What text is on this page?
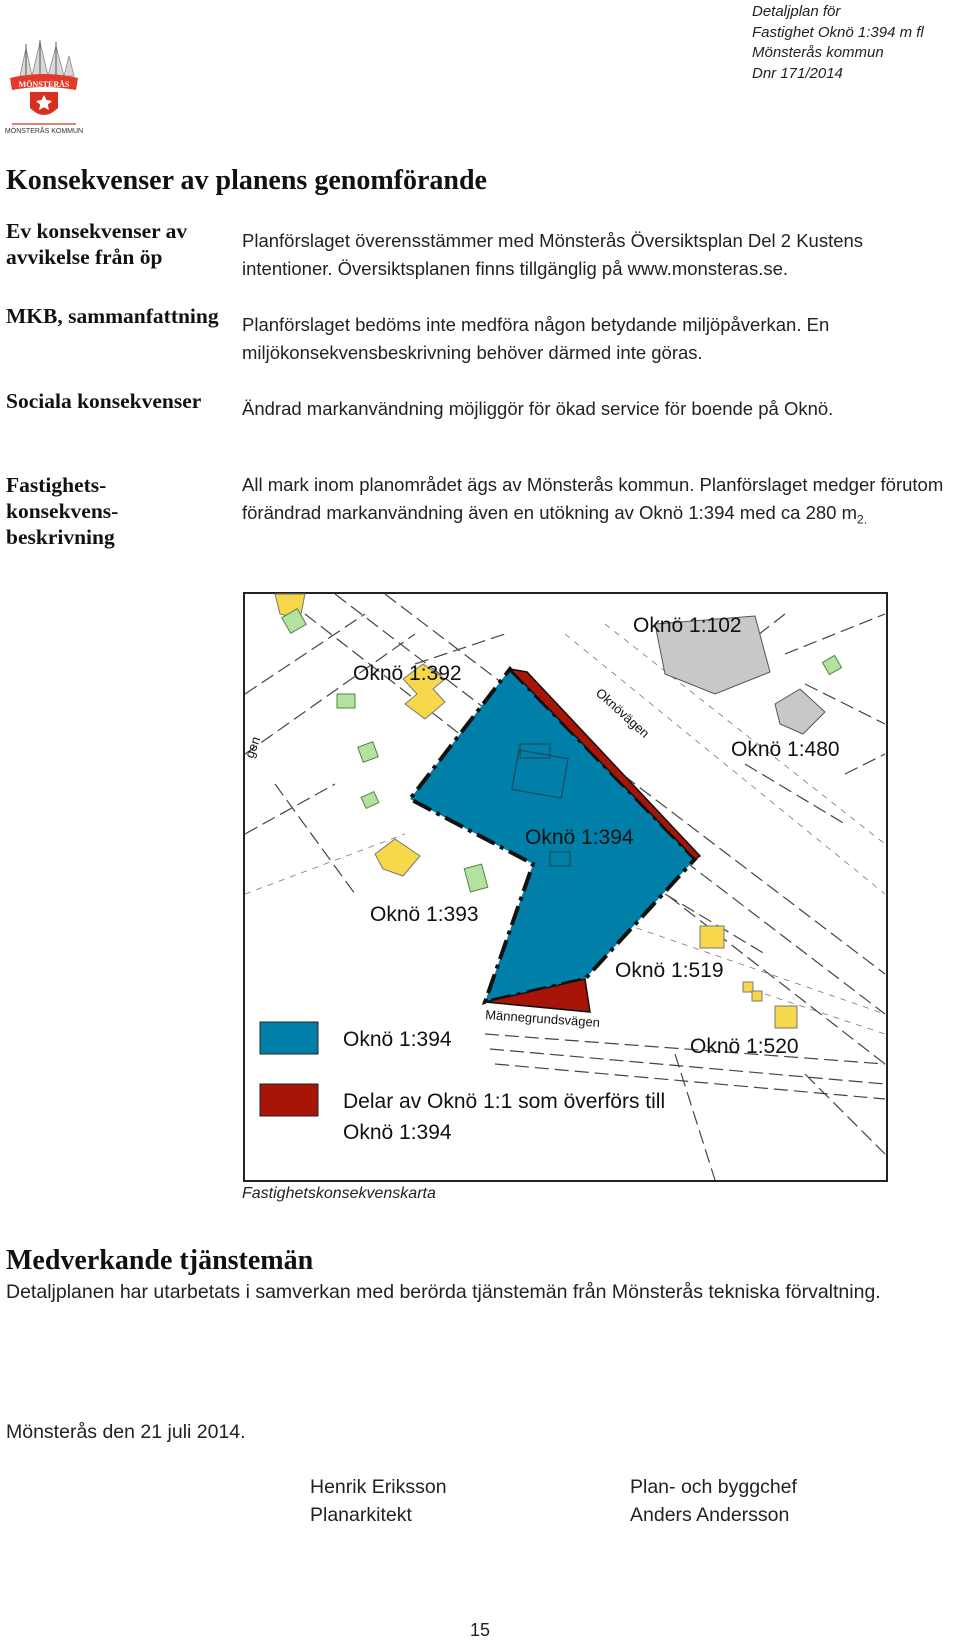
Detaljplan för
Fastighet Oknö 1:394 m fl
Mönsterås kommun
Dnr 171/2014
MÖNSTERÅS
MÖNSTERÅS KOMMUN
Konsekvenser av planens genomförande
Ev konsekvenser av avvikelse från öp
Planförslaget överensstämmer med Mönsterås Översiktsplan Del 2 Kustens intentioner. Översiktsplanen finns tillgänglig på www.monsteras.se.
MKB, sammanfattning	Planförslaget bedöms inte medföra någon betydande miljöpåverkan. En miljökonsekvensbeskrivning behöver därmed inte göras.
Sociala konsekvenser	Ändrad markanvändning möjliggör för ökad service för boende på Oknö.
Fastighets- konsekvens- beskrivning
All mark inom planområdet ägs av Mönsterås kommun. Planförslaget medger förutom förändrad markanvändning även en utökning av Oknö 1:394 med ca 280 $m_{2.}$
Oknö 1:102
Oknö 1:392
Oknö 1:480
Oknö 1:394
Oknö 1:393
Oknö 1:519
Oknö 1:520
Oknövägen
Männegrundsvägen
gen
Oknö 1:394
Delar av Oknö 1:1 som överförs till
Oknö 1:394
Fastighetskonsekvenskarta
Medverkande tjänstemän
Detaljplanen har utarbetats i samverkan med berörda tjänstemän från Mönsterås tekniska förvaltning.
Mönsterås den 21 juli 2014.
Henrik Eriksson
Planarkitekt
Plan- och byggchef
Anders Andersson
15
